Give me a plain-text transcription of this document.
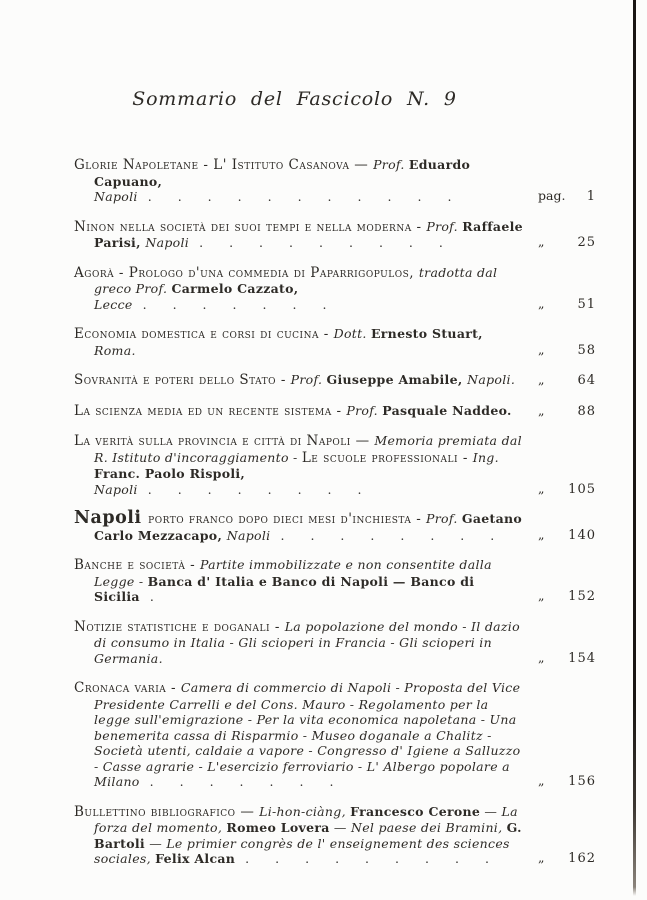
Sommario del Fascicolo N. 9
Glorie Napoletane - L' Istituto Casanova — Prof. Eduardo Capuano, Napoli ...........	pag. 1
Ninon nella società dei suoi tempi e nella moderna - Prof. Raffaele Parisi, Napoli .........	„	25
Agorà - Prologo d'una commedia di Paparrigopulos, tradotta dal greco Prof. Carmelo Cazzato, Lecce .......	„	51
Economia domestica e corsi di cucina - Dott. Ernesto Stuart, Roma.	„	58
Sovranità e poteri dello Stato - Prof. Giuseppe Amabile, Napoli. „	64
La scienza media ed un recente sistema - Prof. Pasquale Naddeo. „	88
La verità sulla provincia e città di Napoli — Memoria premiata dal R. Istituto d'incoraggiamento - Le scuole professionali - Ing. Franc. Paolo Rispoli, Napoli ........	„ 105
Napoli porto franco dopo dieci mesi d'inchiesta - Prof. Gaetano Carlo Mezzacapo, Napoli ........ „ 140
Banche e società - Partite immobilizzate e non consentite dalla Legge - Banca d' Italia e Banco di Napoli — Banco di Sicilia .	„ 152
Notizie statistiche e doganali - La popolazione del mondo - Il dazio di consumo in Italia - Gli scioperi in Francia - Gli scioperi in Germania.	„ 154
Cronaca varia - Camera di commercio di Napoli - Proposta del Vice Presidente Carrelli e del Cons. Mauro - Regolamento per la legge sull'emigrazione - Per la vita economica napoletana - Una benemerita cassa di Risparmio - Museo doganale a Chalitz - Società utenti, caldaie a vapore - Congresso d' Igiene a Salluzzo - Casse agrarie - L'esercizio ferroviario - L' Albergo popolare a Milano .......	„ 156
Bullettino bibliografico — Li-hon-ciàng, Francesco Cerone — La forza del momento, Romeo Lovera — Nel paese dei Bramini, G. Bartoli — Le primier congrès de l' enseignement des sciences sociales, Felix Alcan ......... „ 162
